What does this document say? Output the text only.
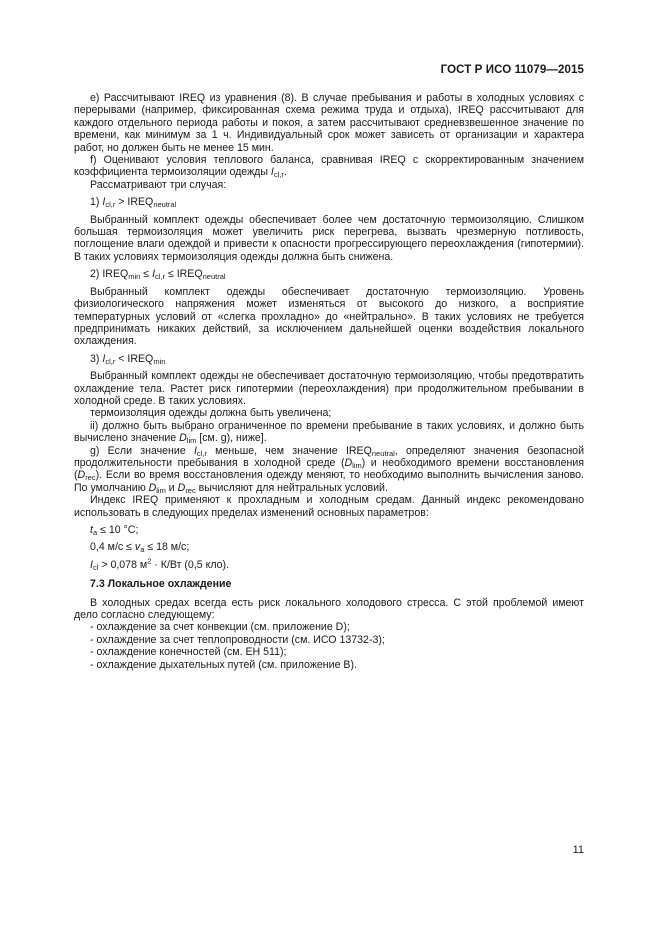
ГОСТ Р ИСО 11079—2015

е) Рассчитывают IREQ из уравнения (8). В случае пребывания и работы в холодных условиях с перерывами (например, фиксированная схема режима труда и отдыха), IREQ рассчитывают для каждого отдельного периода работы и покоя, а затем рассчитывают средневзвешенное значение по времени, как минимум за 1 ч. Индивидуальный срок может зависеть от организации и характера работ, но должен быть не менее 15 мин.

f) Оценивают условия теплового баланса, сравнивая IREQ с скорректированным значением коэффициента термоизоляции одежды $I_{cl,r}$.

Рассматривают три случая:

1) $I_{cl,r}$ > $IREQ_{neutral}$

Выбранный комплект одежды обеспечивает более чем достаточную термоизоляцию. Слишком большая термоизоляция может увеличить риск перегрева, вызвать чрезмерную потливость, поглощение влаги одеждой и привести к опасности прогрессирующего переохлаждения (гипотермии). В таких условиях термоизоляция одежды должна быть снижена.

2) $IREQ_{min} \le I_{cl,r}$ ≤ $IREQ_{neutral}$

Выбранный комплект одежды обеспечивает достаточную термоизоляцию. Уровень физиологического напряжения может изменяться от высокого до низкого, а восприятие температурных условий от «слегка прохладно» до «нейтрально». В таких условиях не требуется предпринимать никаких действий, за исключением дальнейшей оценки воздействия локального охлаждения.

3) $I_{cl,r}$ < $IREQ_{min}$

Выбранный комплект одежды не обеспечивает достаточную термоизоляцию, чтобы предотвратить охлаждение тела. Растет риск гипотермии (переохлаждения) при продолжительном пребывании в холодной среде. В таких условиях.

термоизоляция одежды должна быть увеличена;

ii) должно быть выбрано ограниченное по времени пребывание в таких условиях, и должно быть вычислено значение $D_{lim}$ [см. g), ниже].

g) Если значение $I_{cl,r}$ меньше, чем значение $IREQ_{neutral}$, определяют значения безопасной продолжительности пребывания в холодной среде $(D_{lim})$ и необходимого времени восстановления $(D_{rec})$. Если во время восстановления одежду меняют, то необходимо выполнить вычисления заново. По умолчанию $D_{lim}$ и $D_{rec}$ вычисляют для нейтральных условий.

Индекс IREQ применяют к прохладным и холодным средам. Данный индекс рекомендовано использовать в следующих пределах изменений основных параметров:

$t_a \le 10$ °С;

0,4 $м/с \le v_a \le 18$ м/с;

$I_{cl} > 0,078$ $м^2 \cdot К/Вт$ (0,5 кло).

7.3 Локальное охлаждение

В холодных средах всегда есть риск локального холодового стресса. С этой проблемой имеют дело согласно следующему:

- охлаждение за счет конвекции (см. приложение D);

- охлаждение за счет теплопроводности (см. ИСО 13732-3);

- охлаждение конечностей (см. ЕН 511);

- охлаждение дыхательных путей (см. приложение В).

11
